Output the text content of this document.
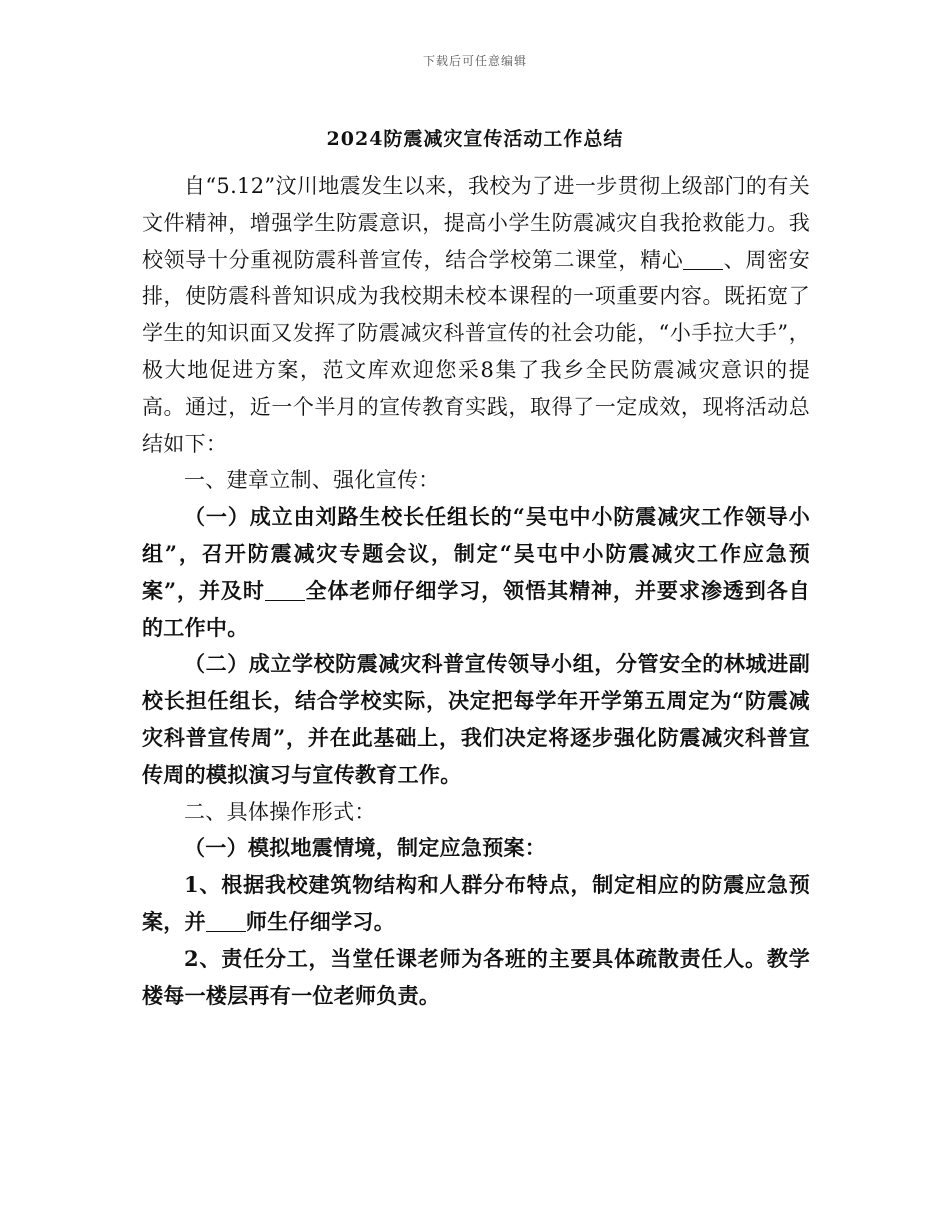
下载后可任意编辑
2024防震减灾宣传活动工作总结

自“5.12”汶川地震发生以来，我校为了进一步贯彻上级部门的有关文件精神，增强学生防震意识，提高小学生防震减灾自我抢救能力。我校领导十分重视防震科普宣传，结合学校第二课堂，精心 、周密安排，使防震科普知识成为我校期未校本课程的一项重要内容。既拓宽了学生的知识面又发挥了防震减灾科普宣传的社会功能，“小手拉大手”，极大地促进方案，范文库欢迎您采8集了我乡全民防震减灾意识的提高。通过，近一个半月的宣传教育实践，取得了一定成效，现将活动总结如下：

一、建章立制、强化宣传：

（一）成立由刘路生校长任组长的“吴屯中小防震减灾工作领导小组”，召开防震减灾专题会议，制定“吴屯中小防震减灾工作应急预案”，并及时 全体老师仔细学习，领悟其精神，并要求渗透到各自的工作中。

（二）成立学校防震减灾科普宣传领导小组，分管安全的林城进副校长担任组长，结合学校实际，决定把每学年开学第五周定为“防震减灾科普宣传周”，并在此基础上，我们决定将逐步强化防震减灾科普宣传周的模拟演习与宣传教育工作。

二、具体操作形式：

（一）模拟地震情境，制定应急预案：

1、根据我校建筑物结构和人群分布特点，制定相应的防震应急预案，并 师生仔细学习。

2、责任分工，当堂任课老师为各班的主要具体疏散责任人。教学楼每一楼层再有一位老师负责。
